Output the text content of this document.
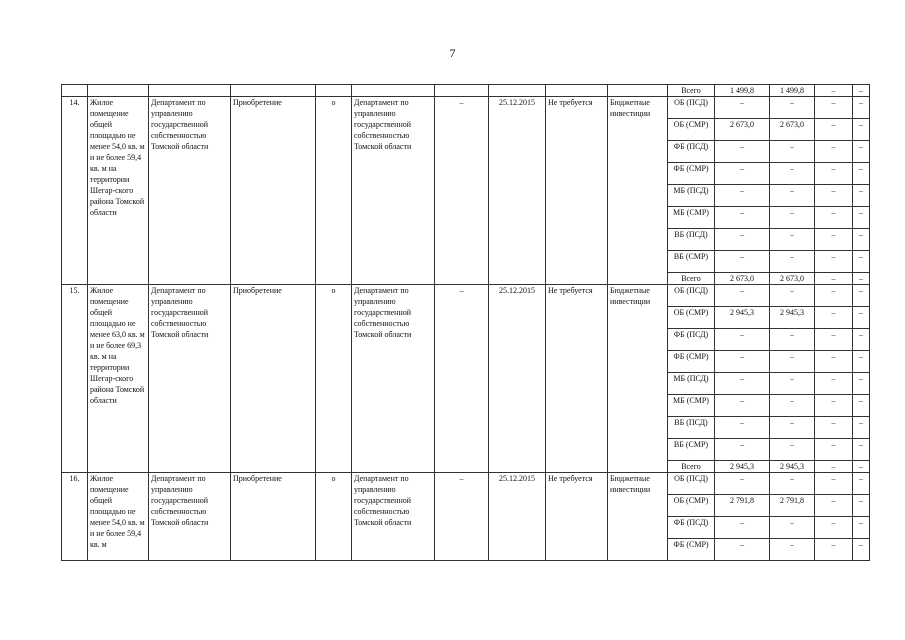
7
										Всего	1 499,8	1 499,8	–	–
14.	Жилое помещение общей площадью не менее 54,0 кв. м и не более 59,4 кв. м на территории Шегар-ского района Томской области	Департамент по управлению государственной собственностью Томской области	Приобретение	о	Департамент по управлению государственной собственностью Томской области	–	25.12.2015	Не требуется	Бюджетные инвестиции	ОБ (ПСД)	–	–	–	–
										ОБ (СМР)	2 673,0	2 673,0	–	–
										ФБ (ПСД)	–	–	–	–
										ФБ (СМР)	–	–	–	–
										МБ (ПСД)	–	–	–	–
										МБ (СМР)	–	–	–	–
										ВБ (ПСД)	–	–	–	–
										ВБ (СМР)	–	–	–	–
										Всего	2 673,0	2 673,0	–	–
15.	Жилое помещение общей площадью не менее 63,0 кв. м и не более 69,3 кв. м на территории Шегар-ского района Томской области	Департамент по управлению государственной собственностью Томской области	Приобретение	о	Департамент по управлению государственной собственностью Томской области	–	25.12.2015	Не требуется	Бюджетные инвестиции	ОБ (ПСД)	–	–	–	–
										ОБ (СМР)	2 945,3	2 945,3	–	–
										ФБ (ПСД)	–	–	–	–
										ФБ (СМР)	–	–	–	–
										МБ (ПСД)	–	–	–	–
										МБ (СМР)	–	–	–	–
										ВБ (ПСД)	–	–	–	–
										ВБ (СМР)	–	–	–	–
										Всего	2 945,3	2 945,3	–	–
16.	Жилое помещение общей площадью не менее 54,0 кв. м и не более 59,4 кв. м	Департамент по управлению государственной собственностью Томской области	Приобретение	о	Департамент по управлению государственной собственностью Томской области	–	25.12.2015	Не требуется	Бюджетные инвестиции	ОБ (ПСД)	–	–	–	–
										ОБ (СМР)	2 791,8	2 791,8	–	–
										ФБ (ПСД)	–	–	–	–
										ФБ (СМР)	–	–	–	–
